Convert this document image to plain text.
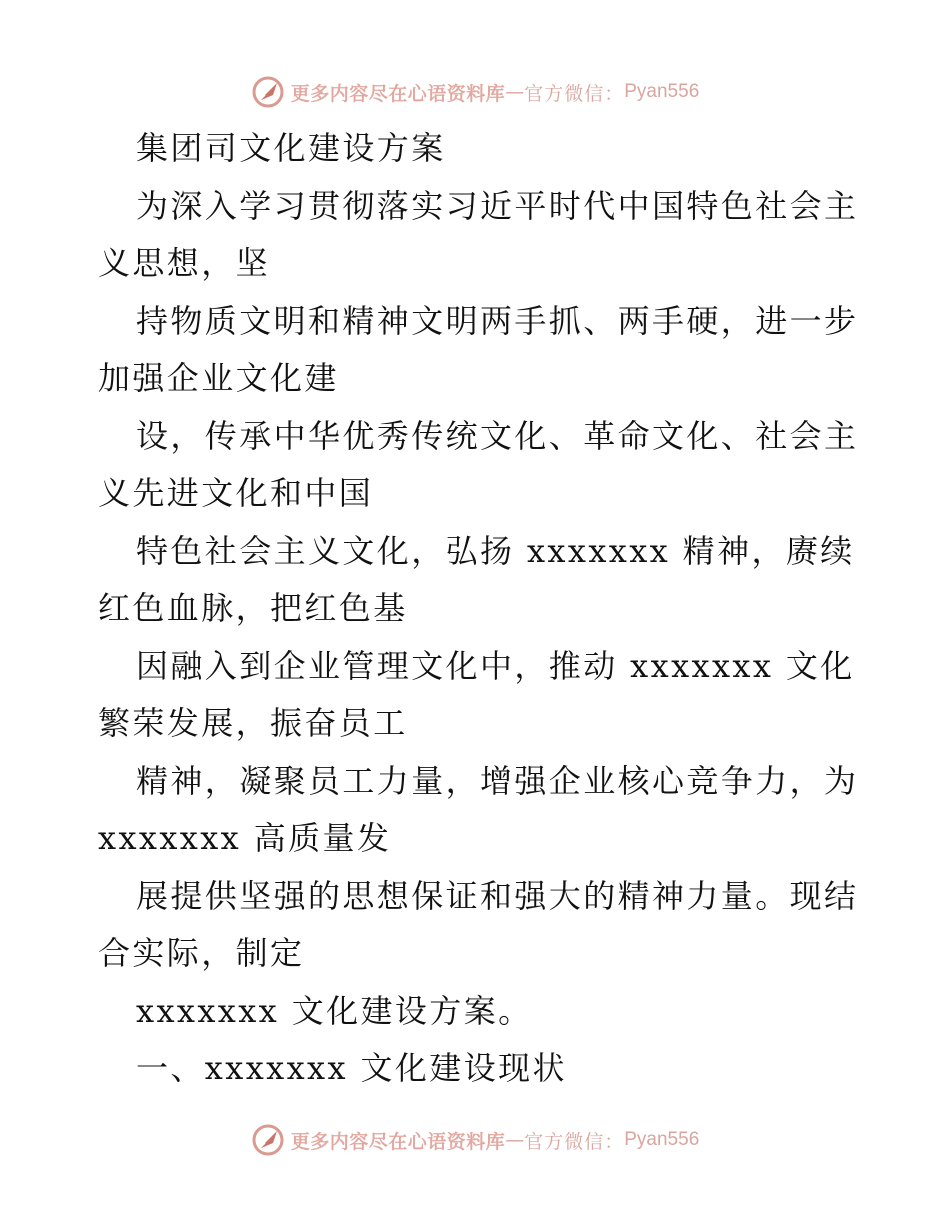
更多内容尽在心语资料库 — 官方微信： Pyan556
集团司文化建设方案
为深入学习贯彻落实习近平时代中国特色社会主
义思想，坚
持物质文明和精神文明两手抓、两手硬，进一步
加强企业文化建
设，传承中华优秀传统文化、革命文化、社会主
义先进文化和中国
特色社会主义文化，弘扬 xxxxxxx 精神，赓续
红色血脉，把红色基
因融入到企业管理文化中，推动 xxxxxxx 文化
繁荣发展，振奋员工
精神，凝聚员工力量，增强企业核心竞争力，为
xxxxxxx 高质量发
展提供坚强的思想保证和强大的精神力量。现结
合实际，制定
xxxxxxx 文化建设方案。
一、xxxxxxx 文化建设现状
更多内容尽在心语资料库 — 官方微信： Pyan556
